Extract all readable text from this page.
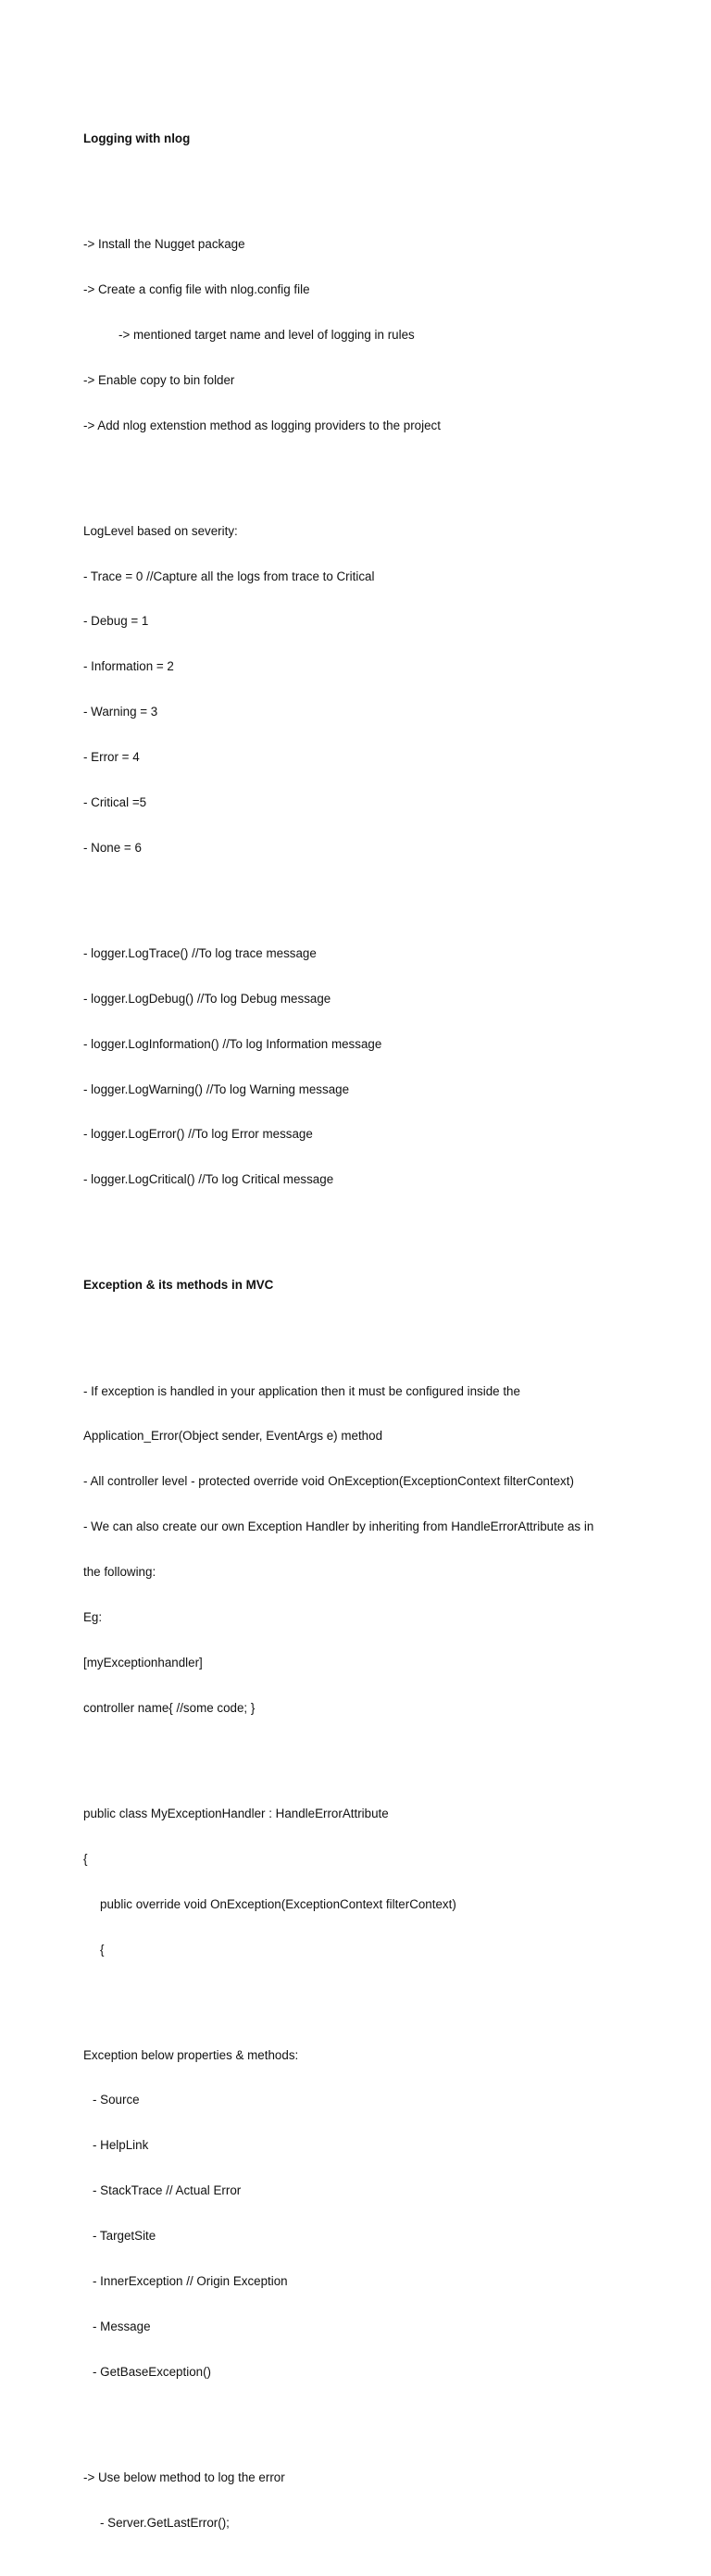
Logging with nlog

-> Install the Nugget package

-> Create a config file with nlog.config file

-> mentioned target name and level of logging in rules

-> Enable copy to bin folder

-> Add nlog extenstion method as logging providers to the project

LogLevel based on severity:

- Trace = 0 //Capture all the logs from trace to Critical

- Debug = 1

- Information = 2

- Warning = 3

- Error = 4

- Critical =5

- None = 6

- logger.LogTrace() //To log trace message

- logger.LogDebug() //To log Debug message

- logger.LogInformation() //To log Information message

- logger.LogWarning() //To log Warning message

- logger.LogError() //To log Error message

- logger.LogCritical() //To log Critical message

Exception & its methods in MVC

- If exception is handled in your application then it must be configured inside the

Application_Error(Object sender, EventArgs e) method

- All controller level - protected override void OnException(ExceptionContext filterContext)

- We can also create our own Exception Handler by inheriting from HandleErrorAttribute as in

the following:

Eg:

[myExceptionhandler]

controller name{ //some code; }

public class MyExceptionHandler : HandleErrorAttribute

{

public override void OnException(ExceptionContext filterContext)

{

Exception below properties & methods:

- Source

- HelpLink

- StackTrace // Actual Error

- TargetSite

- InnerException // Origin Exception

- Message

- GetBaseException()

-> Use below method to log the error

- Server.GetLastError();
